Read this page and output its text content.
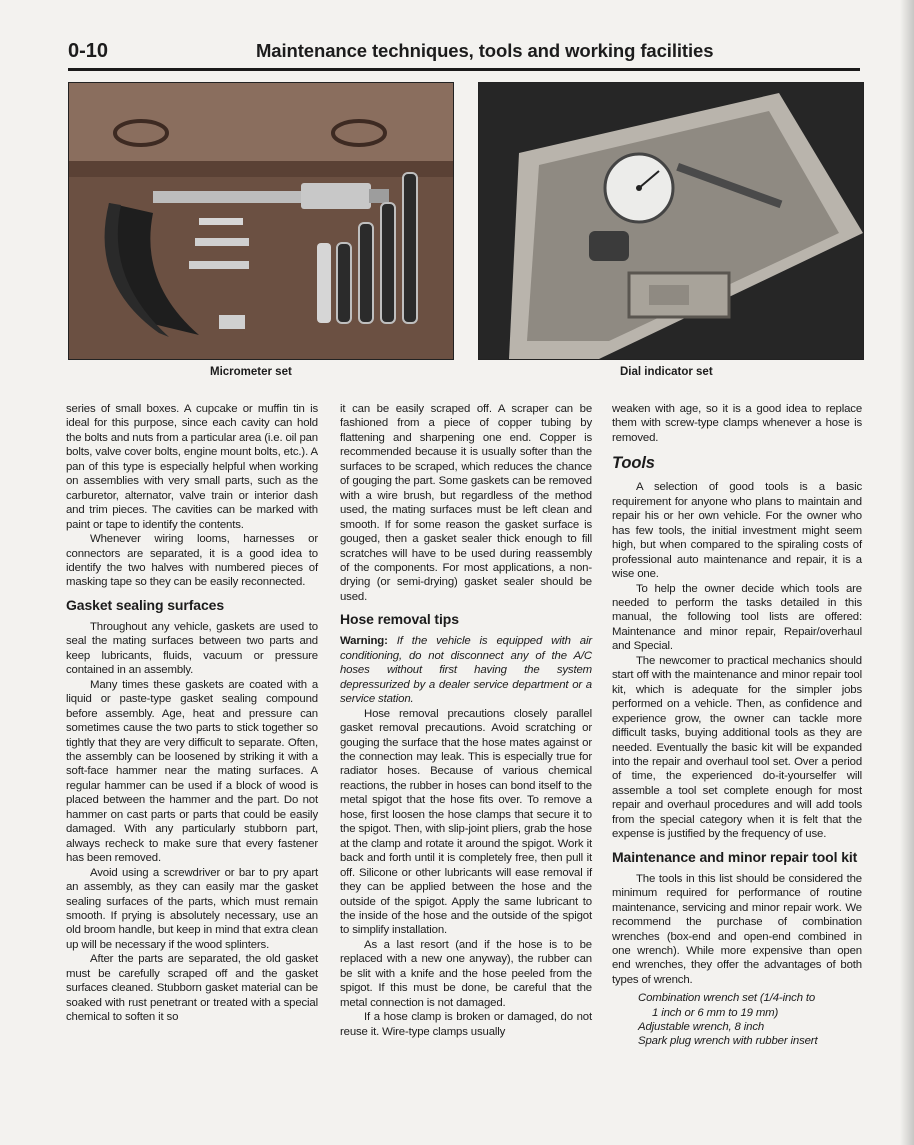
0-10	Maintenance techniques, tools and working facilities
Micrometer set	Dial indicator set

series of small boxes. A cupcake or muffin tin is ideal for this purpose, since each cavity can hold the bolts and nuts from a particular area (i.e. oil pan bolts, valve cover bolts, engine mount bolts, etc.). A pan of this type is especially helpful when working on assemblies with very small parts, such as the carburetor, alternator, valve train or interior dash and trim pieces. The cavities can be marked with paint or tape to identify the contents.

Whenever wiring looms, harnesses or connectors are separated, it is a good idea to identify the two halves with numbered pieces of masking tape so they can be easily reconnected.

Gasket sealing surfaces

Throughout any vehicle, gaskets are used to seal the mating surfaces between two parts and keep lubricants, fluids, vacuum or pressure contained in an assembly.

Many times these gaskets are coated with a liquid or paste-type gasket sealing compound before assembly. Age, heat and pressure can sometimes cause the two parts to stick together so tightly that they are very difficult to separate. Often, the assembly can be loosened by striking it with a soft-face hammer near the mating surfaces. A regular hammer can be used if a block of wood is placed between the hammer and the part. Do not hammer on cast parts or parts that could be easily damaged. With any particularly stubborn part, always recheck to make sure that every fastener has been removed.

Avoid using a screwdriver or bar to pry apart an assembly, as they can easily mar the gasket sealing surfaces of the parts, which must remain smooth. If prying is absolutely necessary, use an old broom handle, but keep in mind that extra clean up will be necessary if the wood splinters.

After the parts are separated, the old gasket must be carefully scraped off and the gasket surfaces cleaned. Stubborn gasket material can be soaked with rust penetrant or treated with a special chemical to soften it so

it can be easily scraped off. A scraper can be fashioned from a piece of copper tubing by flattening and sharpening one end. Copper is recommended because it is usually softer than the surfaces to be scraped, which reduces the chance of gouging the part. Some gaskets can be removed with a wire brush, but regardless of the method used, the mating surfaces must be left clean and smooth. If for some reason the gasket surface is gouged, then a gasket sealer thick enough to fill scratches will have to be used during reassembly of the components. For most applications, a non-drying (or semi-drying) gasket sealer should be used.

Hose removal tips

Warning: If the vehicle is equipped with air conditioning, do not disconnect any of the A/C hoses without first having the system depressurized by a dealer service department or a service station.

Hose removal precautions closely parallel gasket removal precautions. Avoid scratching or gouging the surface that the hose mates against or the connection may leak. This is especially true for radiator hoses. Because of various chemical reactions, the rubber in hoses can bond itself to the metal spigot that the hose fits over. To remove a hose, first loosen the hose clamps that secure it to the spigot. Then, with slip-joint pliers, grab the hose at the clamp and rotate it around the spigot. Work it back and forth until it is completely free, then pull it off. Silicone or other lubricants will ease removal if they can be applied between the hose and the outside of the spigot. Apply the same lubricant to the inside of the hose and the outside of the spigot to simplify installation.

As a last resort (and if the hose is to be replaced with a new one anyway), the rubber can be slit with a knife and the hose peeled from the spigot. If this must be done, be careful that the metal connection is not damaged.

If a hose clamp is broken or damaged, do not reuse it. Wire-type clamps usually

weaken with age, so it is a good idea to replace them with screw-type clamps whenever a hose is removed.

Tools

A selection of good tools is a basic requirement for anyone who plans to maintain and repair his or her own vehicle. For the owner who has few tools, the initial investment might seem high, but when compared to the spiraling costs of professional auto maintenance and repair, it is a wise one.

To help the owner decide which tools are needed to perform the tasks detailed in this manual, the following tool lists are offered: Maintenance and minor repair, Repair/overhaul and Special.

The newcomer to practical mechanics should start off with the maintenance and minor repair tool kit, which is adequate for the simpler jobs performed on a vehicle. Then, as confidence and experience grow, the owner can tackle more difficult tasks, buying additional tools as they are needed. Eventually the basic kit will be expanded into the repair and overhaul tool set. Over a period of time, the experienced do-it-yourselfer will assemble a tool set complete enough for most repair and overhaul procedures and will add tools from the special category when it is felt that the expense is justified by the frequency of use.

Maintenance and minor repair tool kit

The tools in this list should be considered the minimum required for performance of routine maintenance, servicing and minor repair work. We recommend the purchase of combination wrenches (box-end and open-end combined in one wrench). While more expensive than open end wrenches, they offer the advantages of both types of wrench.

Combination wrench set (1/4-inch to
1 inch or 6 mm to 19 mm)
Adjustable wrench, 8 inch
Spark plug wrench with rubber insert
